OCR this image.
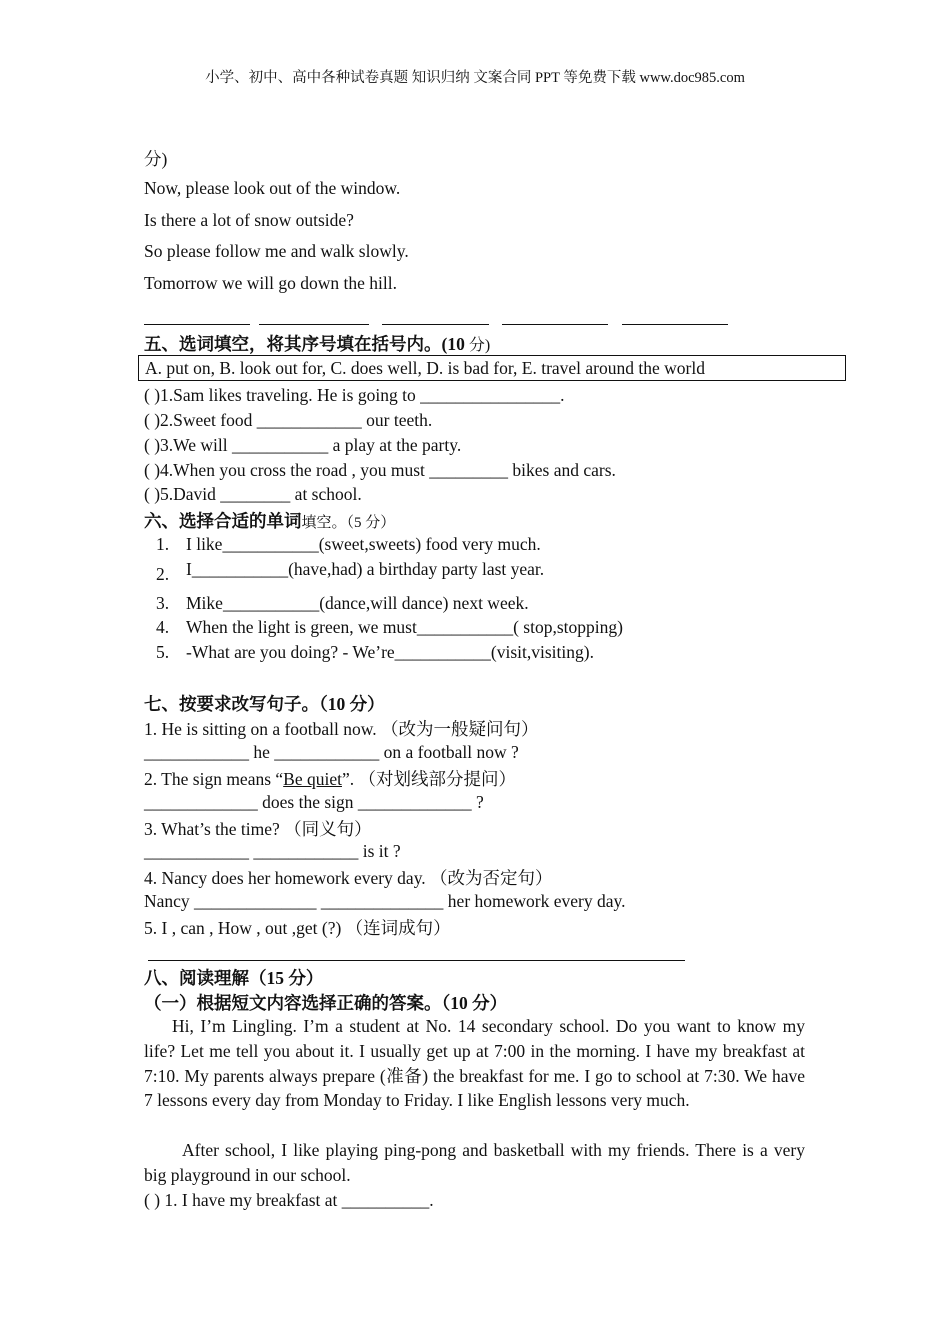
小学、初中、高中各种试卷真题 知识归纳 文案合同 PPT 等免费下载 www.doc985.com
分)
Now, please look out of the window.
Is there a lot of snow outside?
So please follow me and walk slowly.
Tomorrow we will go down the hill.
五、选词填空，将其序号填在括号内。(10 分)
A. put on, B. look out for, C. does well, D. is bad for, E. travel around the world
( )1.Sam likes traveling. He is going to ________________.
( )2.Sweet food ____________ our teeth.
( )3.We will ___________ a play at the party.
( )4.When you cross the road , you must _________ bikes and cars.
( )5.David ________ at school.
六、选择合适的单词填空。（5 分）
1. I like___________(sweet,sweets) food very much.
2. I___________(have,had) a birthday party last year.
3. Mike___________(dance,will dance) next week.
4. When the light is green, we must___________( stop,stopping)
5. -What are you doing? - We’re___________(visit,visiting).
七、按要求改写句子。（10 分）
1. He is sitting on a football now. （改为一般疑问句）
____________ he ____________ on a football now ?
2. The sign means “Be quiet”. （对划线部分提问）
_____________ does the sign _____________ ?
3. What’s the time? （同义句）
____________ ____________ is it ?
4. Nancy does her homework every day. （改为否定句）
Nancy ______________ ______________ her homework every day.
5. I , can , How , out ,get (?) （连词成句）
八、阅读理解（15 分）
（一）根据短文内容选择正确的答案。（10 分）
Hi, I’m Lingling. I’m a student at No. 14 secondary school. Do you want to know my life? Let me tell you about it. I usually get up at 7:00 in the morning. I have my breakfast at 7:10. My parents always prepare (准备) the breakfast for me. I go to school at 7:30. We have 7 lessons every day from Monday to Friday. I like English lessons very much.
After school, I like playing ping-pong and basketball with my friends. There is a very big playground in our school.
( ) 1. I have my breakfast at __________.
